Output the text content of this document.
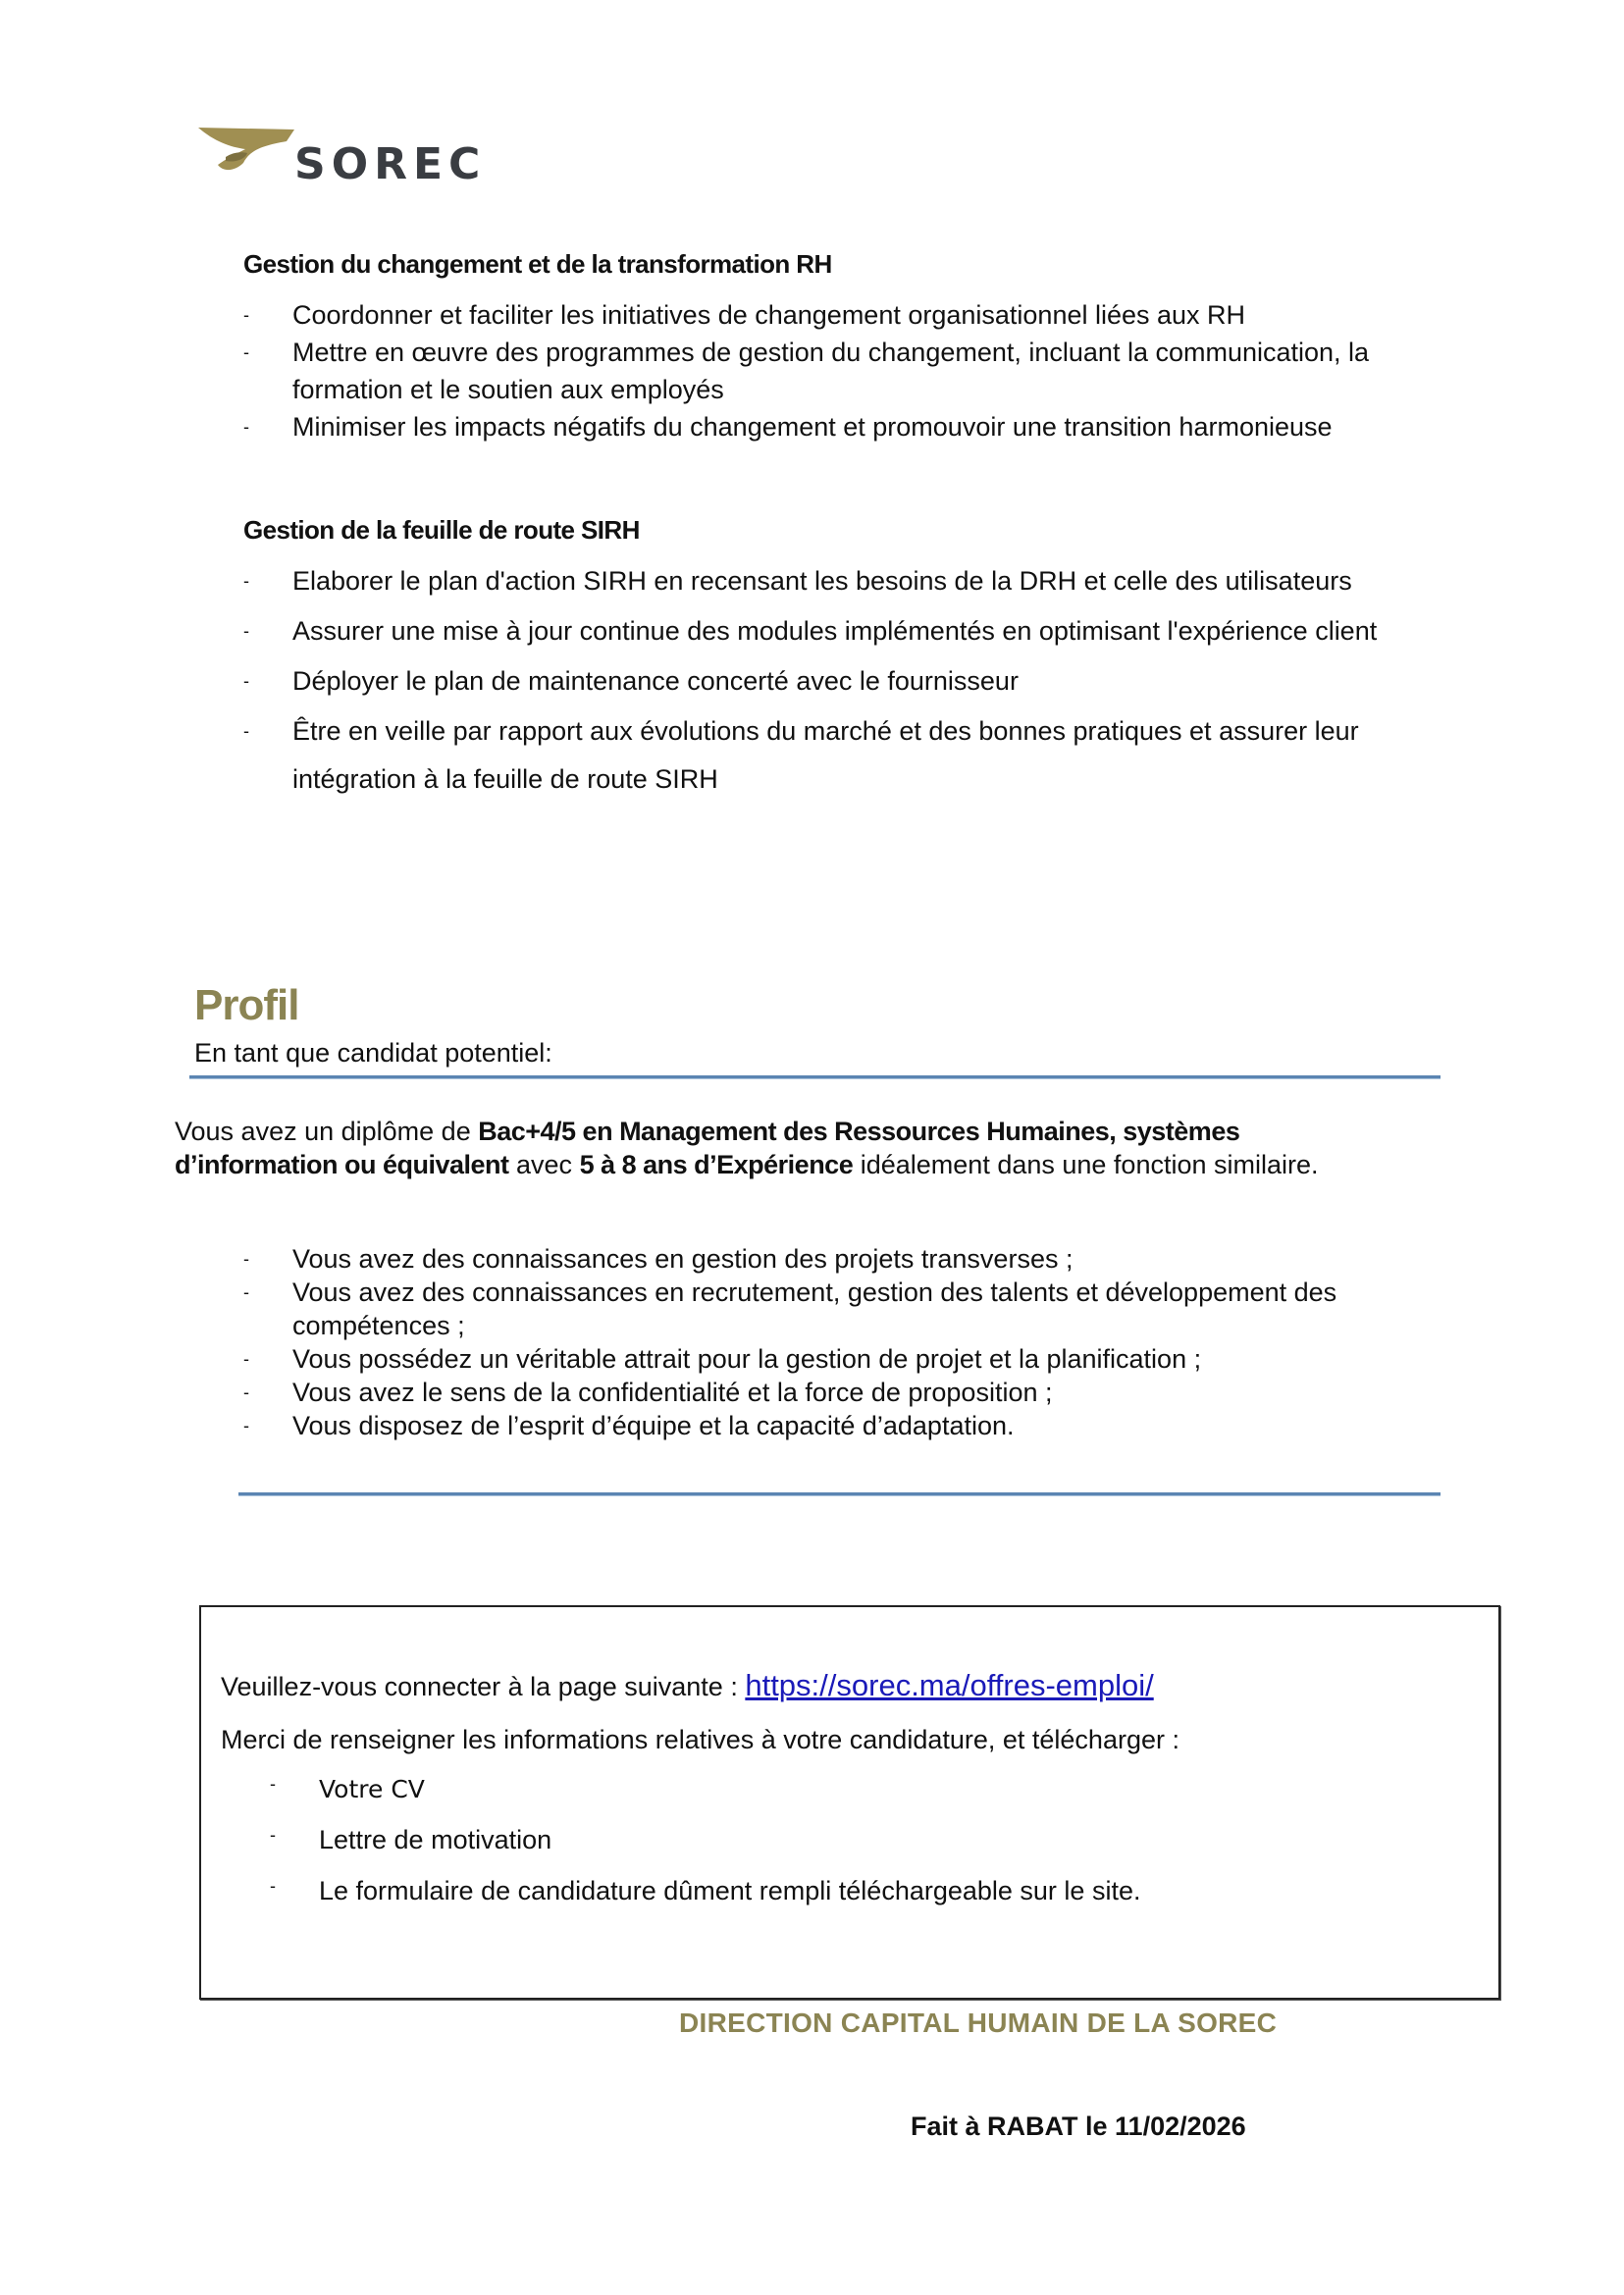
SOREC
Gestion du changement et de la transformation RH
- Coordonner et faciliter les initiatives de changement organisationnel liées aux RH
- Mettre en œuvre des programmes de gestion du changement, incluant la communication, la formation et le soutien aux employés
- Minimiser les impacts négatifs du changement et promouvoir une transition harmonieuse
Gestion de la feuille de route SIRH
- Elaborer le plan d'action SIRH en recensant les besoins de la DRH et celle des utilisateurs
- Assurer une mise à jour continue des modules implémentés en optimisant l'expérience client
- Déployer le plan de maintenance concerté avec le fournisseur
- Être en veille par rapport aux évolutions du marché et des bonnes pratiques et assurer leur intégration à la feuille de route SIRH
Profil
En tant que candidat potentiel:
Vous avez un diplôme de Bac+4/5 en Management des Ressources Humaines, systèmes d’information ou équivalent avec 5 à 8 ans d’Expérience idéalement dans une fonction similaire.
- Vous avez des connaissances en gestion des projets transverses ;
- Vous avez des connaissances en recrutement, gestion des talents et développement des compétences ;
- Vous possédez un véritable attrait pour la gestion de projet et la planification ;
- Vous avez le sens de la confidentialité et la force de proposition ;
- Vous disposez de l’esprit d’équipe et la capacité d’adaptation.
Veuillez-vous connecter à la page suivante : https://sorec.ma/offres-emploi/
Merci de renseigner les informations relatives à votre candidature, et télécharger :
- Votre CV
- Lettre de motivation
- Le formulaire de candidature dûment rempli téléchargeable sur le site.
DIRECTION CAPITAL HUMAIN DE LA SOREC
Fait à RABAT le 11/02/2026
